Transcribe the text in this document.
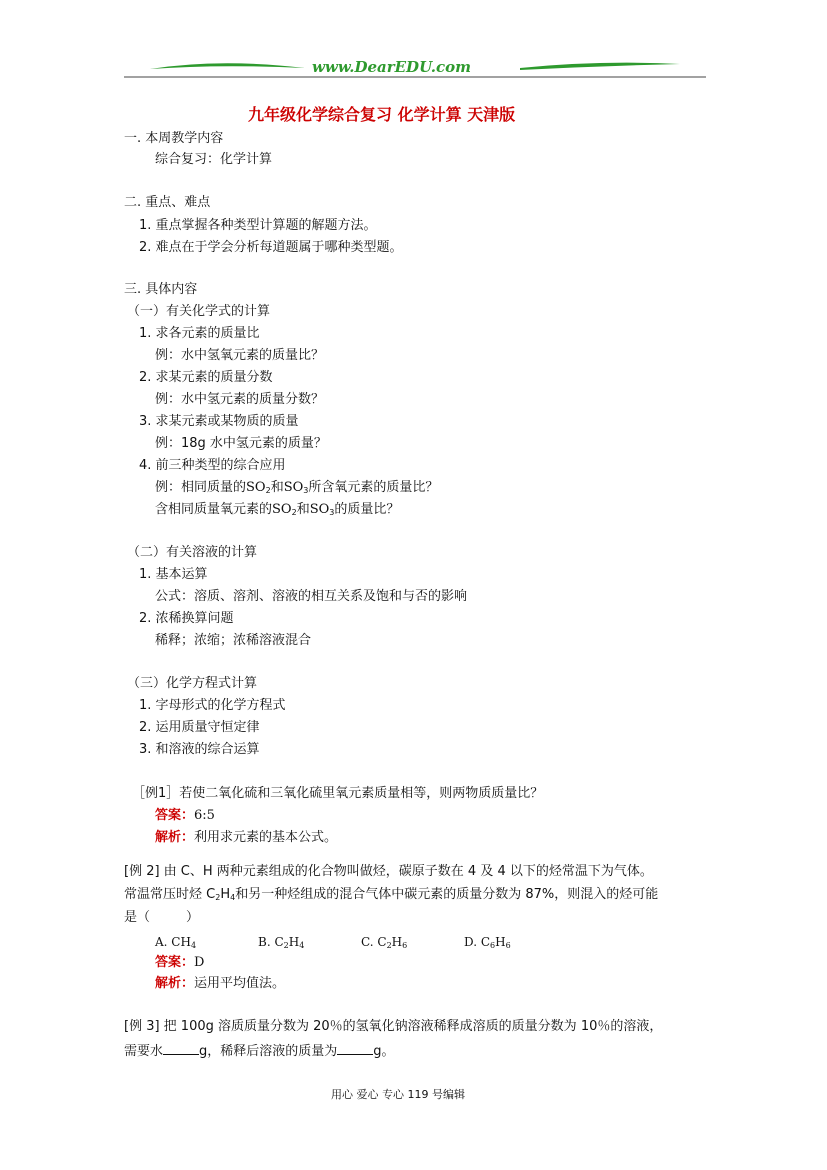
www.DearEDU.com
九年级化学综合复习 化学计算 天津版
一. 本周教学内容
综合复习：化学计算
二. 重点、难点
1. 重点掌握各种类型计算题的解题方法。
2. 难点在于学会分析每道题属于哪种类型题。
三. 具体内容
（一）有关化学式的计算
1. 求各元素的质量比
例：水中氢氧元素的质量比？
2. 求某元素的质量分数
例：水中氢元素的质量分数？
3. 求某元素或某物质的质量
例：18g 水中氢元素的质量？
4. 前三种类型的综合应用
例：相同质量的$SO_2$和$SO_3$所含氧元素的质量比？
含相同质量氧元素的$SO_2$和$SO_3$的质量比？
（二）有关溶液的计算
1. 基本运算
公式：溶质、溶剂、溶液的相互关系及饱和与否的影响
2. 浓稀换算问题
稀释；浓缩；浓稀溶液混合
（三）化学方程式计算
1. 字母形式的化学方程式
2. 运用质量守恒定律
3. 和溶液的综合运算
［例1］若使二氧化硫和三氧化硫里氧元素质量相等，则两物质质量比？
答案：6:5
解析：利用求元素的基本公式。
[例 2] 由 C、H 两种元素组成的化合物叫做烃，碳原子数在 4 及 4 以下的烃常温下为气体。
常温常压时烃 $C_2H_4$和另一种烃组成的混合气体中碳元素的质量分数为 87%，则混入的烃可能
是（	）
A. $CH_4$	B. $C_2H_4$	C. $C_2H_6$	D. $C_6H_6$
答案：D
解析：运用平均值法。
[例 3] 把 100g 溶质质量分数为 20％的氢氧化钠溶液稀释成溶质的质量分数为 10％的溶液，
需要水	g，稀释后溶液的质量为	g。
用心 爱心 专心 119 号编辑
